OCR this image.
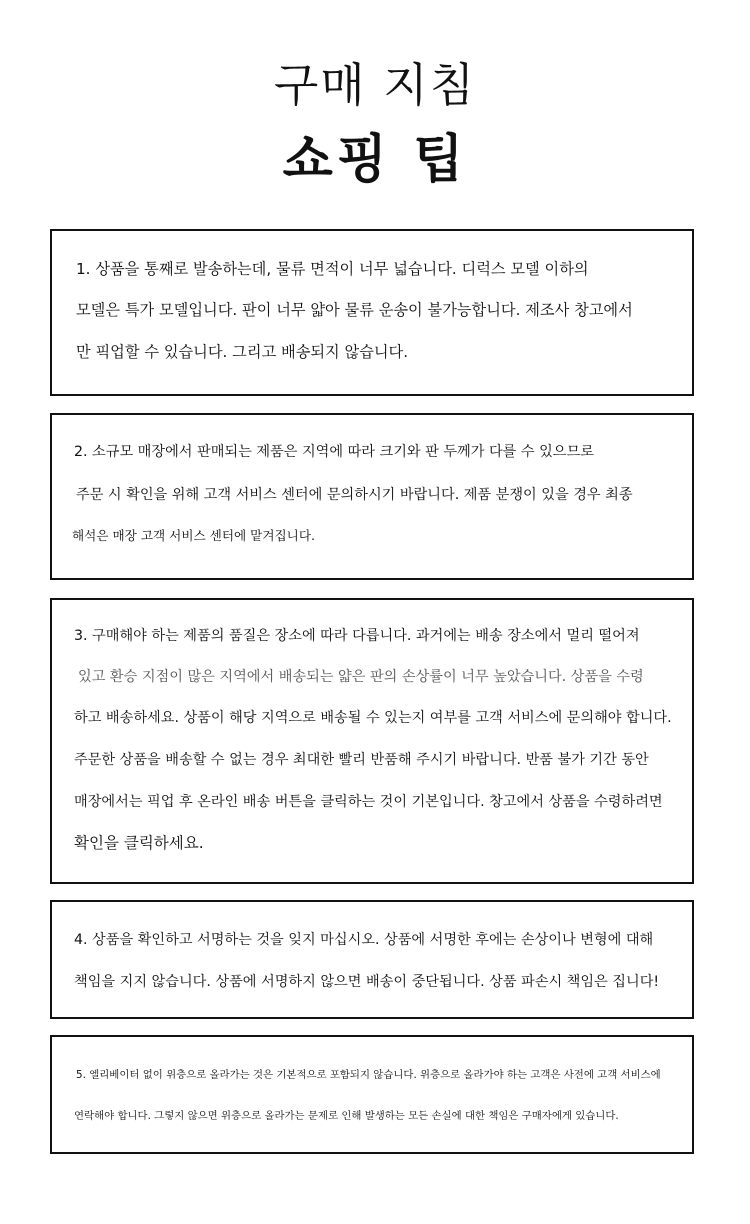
구매 지침
쇼핑 팁
1. 상품을 통째로 발송하는데, 물류 면적이 너무 넓습니다. 디럭스 모델 이하의
모델은 특가 모델입니다. 판이 너무 얇아 물류 운송이 불가능합니다. 제조사 창고에서
만 픽업할 수 있습니다. 그리고 배송되지 않습니다.
2. 소규모 매장에서 판매되는 제품은 지역에 따라 크기와 판 두께가 다를 수 있으므로
주문 시 확인을 위해 고객 서비스 센터에 문의하시기 바랍니다. 제품 분쟁이 있을 경우 최종
해석은 매장 고객 서비스 센터에 맡겨집니다.
3. 구매해야 하는 제품의 품질은 장소에 따라 다릅니다. 과거에는 배송 장소에서 멀리 떨어져
있고 환승 지점이 많은 지역에서 배송되는 얇은 판의 손상률이 너무 높았습니다. 상품을 수령
하고 배송하세요. 상품이 해당 지역으로 배송될 수 있는지 여부를 고객 서비스에 문의해야 합니다.
주문한 상품을 배송할 수 없는 경우 최대한 빨리 반품해 주시기 바랍니다. 반품 불가 기간 동안
매장에서는 픽업 후 온라인 배송 버튼을 클릭하는 것이 기본입니다. 창고에서 상품을 수령하려면
확인을 클릭하세요.
4. 상품을 확인하고 서명하는 것을 잊지 마십시오. 상품에 서명한 후에는 손상이나 변형에 대해
책임을 지지 않습니다. 상품에 서명하지 않으면 배송이 중단됩니다. 상품 파손시 책임은 집니다!
5. 엘리베이터 없이 위층으로 올라가는 것은 기본적으로 포함되지 않습니다. 위층으로 올라가야 하는 고객은 사전에 고객 서비스에
연락해야 합니다. 그렇지 않으면 위층으로 올라가는 문제로 인해 발생하는 모든 손실에 대한 책임은 구매자에게 있습니다.
